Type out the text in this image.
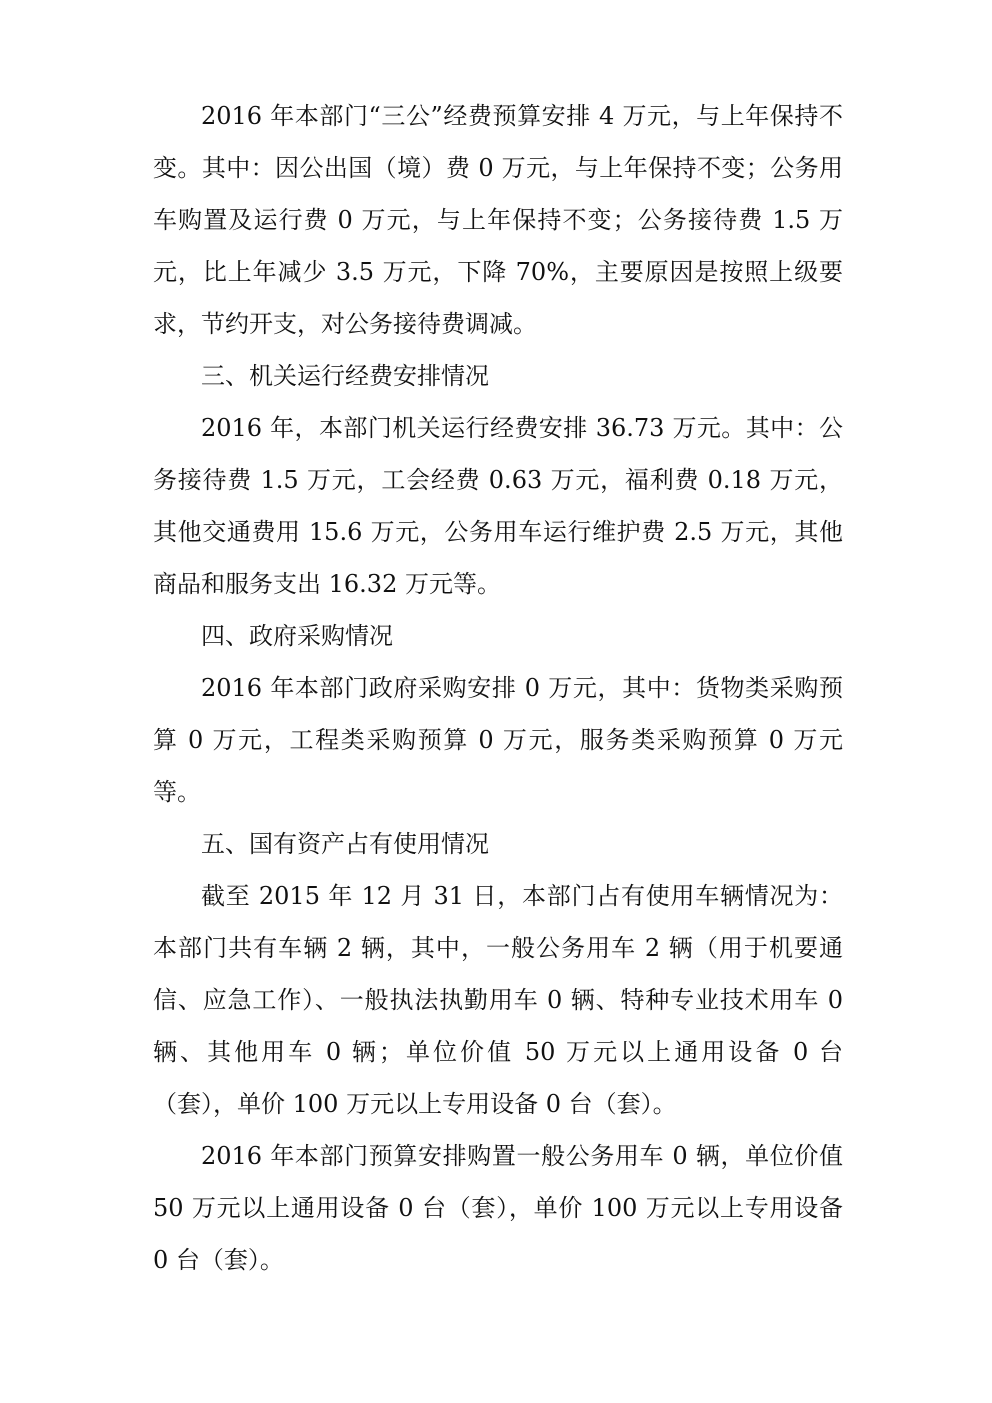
2016 年本部门“三公”经费预算安排 4 万元，与上年保持不变。其中：因公出国（境）费 0 万元，与上年保持不变；公务用车购置及运行费 0 万元，与上年保持不变；公务接待费 1.5 万元，比上年减少 3.5 万元，下降 70%，主要原因是按照上级要求，节约开支，对公务接待费调减。

三、机关运行经费安排情况

2016 年，本部门机关运行经费安排 36.73 万元。其中：公务接待费 1.5 万元，工会经费 0.63 万元，福利费 0.18 万元，其他交通费用 15.6 万元，公务用车运行维护费 2.5 万元，其他商品和服务支出 16.32 万元等。

四、政府采购情况

2016 年本部门政府采购安排 0 万元，其中：货物类采购预算 0 万元，工程类采购预算 0 万元，服务类采购预算 0 万元等。

五、国有资产占有使用情况

截至 2015 年 12 月 31 日，本部门占有使用车辆情况为：本部门共有车辆 2 辆，其中，一般公务用车 2 辆（用于机要通信、应急工作）、一般执法执勤用车 0 辆、特种专业技术用车 0 辆、其他用车 0 辆；单位价值 50 万元以上通用设备 0 台（套），单价 100 万元以上专用设备 0 台（套）。

2016 年本部门预算安排购置一般公务用车 0 辆，单位价值 50 万元以上通用设备 0 台（套），单价 100 万元以上专用设备 0 台（套）。
